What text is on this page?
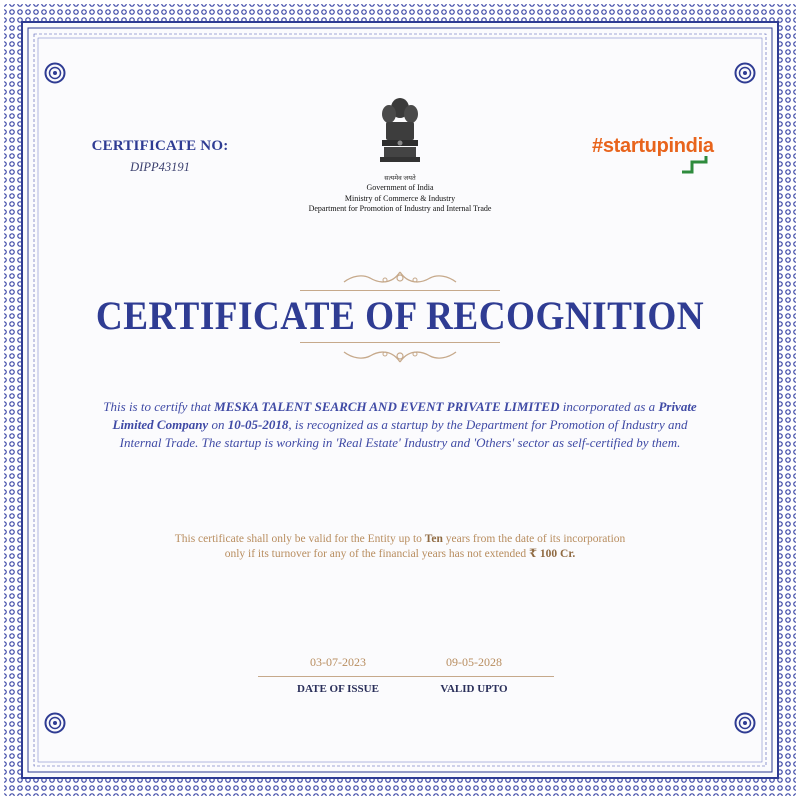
CERTIFICATE NO:
DIPP43191
सत्यमेव जयते
Government of India
Ministry of Commerce & Industry
Department for Promotion of Industry and Internal Trade
#startupindia
CERTIFICATE OF RECOGNITION
This is to certify that MESKA TALENT SEARCH AND EVENT PRIVATE LIMITED incorporated as a Private Limited Company on 10-05-2018, is recognized as a startup by the Department for Promotion of Industry and Internal Trade. The startup is working in 'Real Estate' Industry and 'Others' sector as self-certified by them.
This certificate shall only be valid for the Entity up to Ten years from the date of its incorporation
only if its turnover for any of the financial years has not extended ₹ 100 Cr.
03-07-2023
DATE OF ISSUE
09-05-2028
VALID UPTO
